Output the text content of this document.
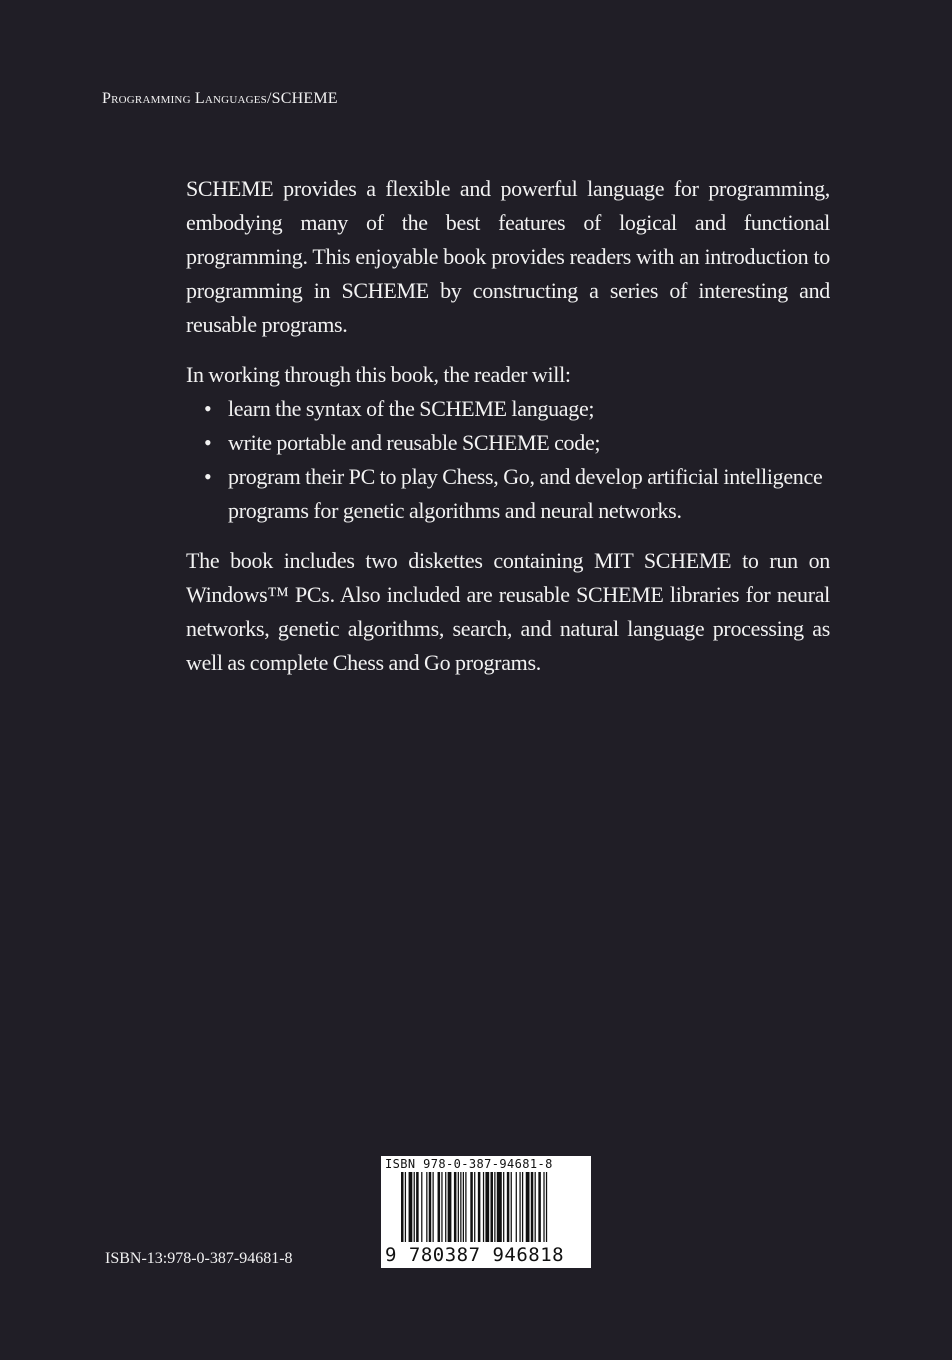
Programming Languages/SCHEME

SCHEME provides a flexible and powerful language for programming, embodying many of the best features of logical and functional programming. This enjoyable book provides readers with an introduction to programming in SCHEME by constructing a series of interesting and reusable programs.

In working through this book, the reader will:

• learn the syntax of the SCHEME language;
• write portable and reusable SCHEME code;
• program their PC to play Chess, Go, and develop artificial intelligence programs for genetic algorithms and neural networks.

The book includes two diskettes containing MIT SCHEME to run on Windows™ PCs. Also included are reusable SCHEME libraries for neural networks, genetic algorithms, search, and natural language processing as well as complete Chess and Go programs.

ISBN-13:978-0-387-94681-8
ISBN 978-0-387-94681-8
9 780387 946818
